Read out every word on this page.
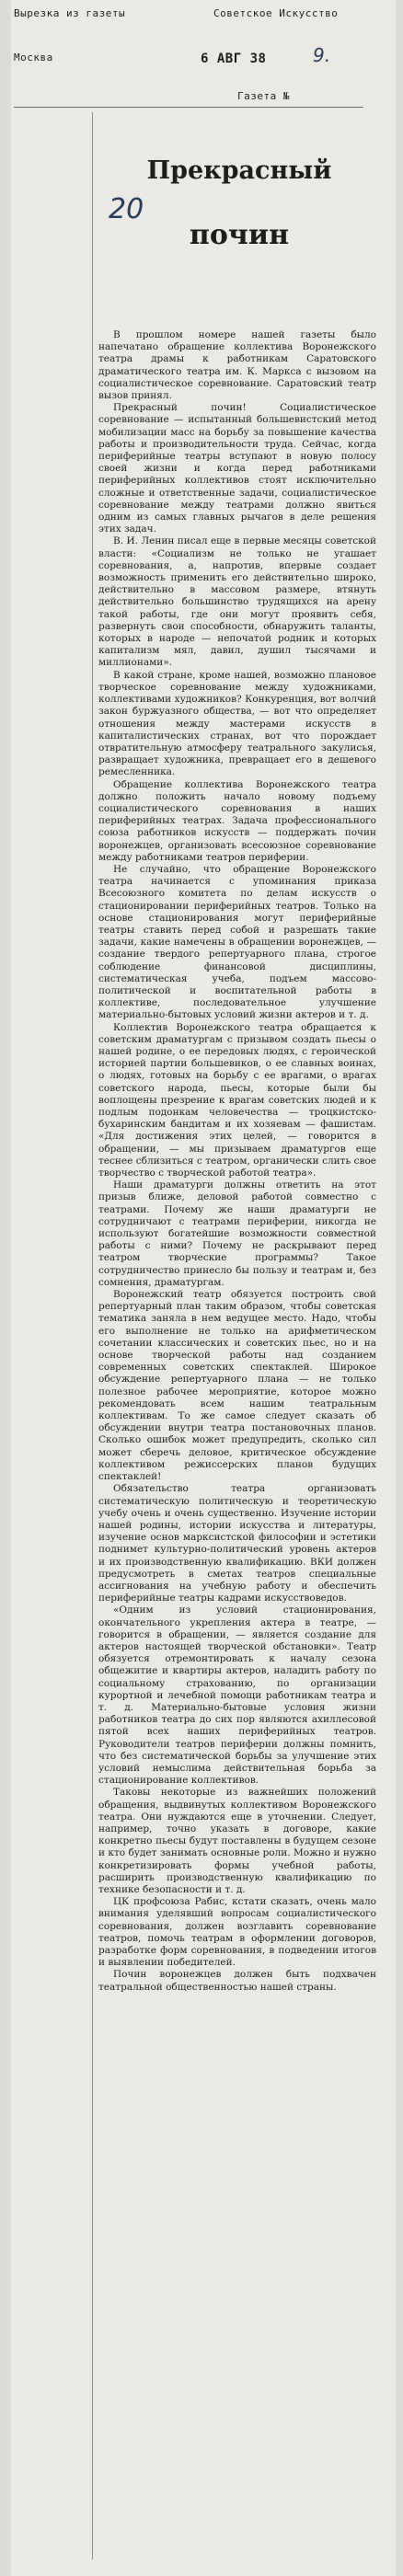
Вырезка из газеты	Советское Искусство
Москва	6 АВГ 38	9.
Газета №
Прекрасный
почин
20

В прошлом номере нашей газеты было напечатано обращение коллектива Воронежского театра драмы к работникам Саратовского драматического театра им. К. Маркса с вызовом на социалистическое соревнование. Саратовский театр вызов принял.

Прекрасный почин! Социалистическое соревнование — испытанный большевистский метод мобилизации масс на борьбу за повышение качества работы и производительности труда. Сейчас, когда периферийные театры вступают в новую полосу своей жизни и когда перед работниками периферийных коллективов стоят исключительно сложные и ответственные задачи, социалистическое соревнование между театрами должно явиться одним из самых главных рычагов в деле решения этих задач.

В. И. Ленин писал еще в первые месяцы советской власти: «Социализм не только не угашает соревнования, а, напротив, впервые создает возможность применить его действительно широко, действительно в массовом размере, втянуть действительно большинство трудящихся на арену такой работы, где они могут проявить себя, развернуть свои способности, обнаружить таланты, которых в народе — непочатой родник и которых капитализм мял, давил, душил тысячами и миллионами».

В какой стране, кроме нашей, возможно плановое творческое соревнование между художниками, коллективами художников? Конкуренция, вот волчий закон буржуазного общества, — вот что определяет отношения между мастерами искусств в капиталистических странах, вот что порождает отвратительную атмосферу театрального закулисья, развращает художника, превращает его в дешевого ремесленника.

Обращение коллектива Воронежского театра должно положить начало новому подъему социалистического соревнования в наших периферийных театрах. Задача профессионального союза работников искусств — поддержать почин воронежцев, организовать всесоюзное соревнование между работниками театров периферии.

Не случайно, что обращение Воронежского театра начинается с упоминания приказа Всесоюзного комитета по делам искусств о стационировании периферийных театров. Только на основе стационирования могут периферийные театры ставить перед собой и разрешать такие задачи, какие намечены в обращении воронежцев, — создание твердого репертуарного плана, строгое соблюдение финансовой дисциплины, систематическая учеба, подъем массово-политической и воспитательной работы в коллективе, последовательное улучшение материально-бытовых условий жизни актеров и т. д.

Коллектив Воронежского театра обращается к советским драматургам с призывом создать пьесы о нашей родине, о ее передовых людях, с героической историей партии большевиков, о ее славных воинах, о людях, готовых на борьбу с ее врагами, о врагах советского народа, пьесы, которые были бы воплощены презрение к врагам советских людей и к подлым подонкам человечества — троцкистско-бухаринским бандитам и их хозяевам — фашистам. «Для достижения этих целей, — говорится в обращении, — мы призываем драматургов еще теснее сблизиться с театром, органически слить свое творчество с творческой работой театра».

Наши драматурги должны ответить на этот призыв ближе, деловой работой совместно с театрами. Почему же наши драматурги не сотрудничают с театрами периферии, никогда не используют богатейшие возможности совместной работы с ними? Почему не раскрывают перед театром творческие программы? Такое сотрудничество принесло бы пользу и театрам и, без сомнения, драматургам.

Воронежский театр обязуется построить свой репертуарный план таким образом, чтобы советская тематика заняла в нем ведущее место. Надо, чтобы его выполнение не только на арифметическом сочетании классических и советских пьес, но и на основе творческой работы над созданием современных советских спектаклей. Широкое обсуждение репертуарного плана — не только полезное рабочее мероприятие, которое можно рекомендовать всем нашим театральным коллективам. То же самое следует сказать об обсуждении внутри театра постановочных планов. Сколько ошибок может предупредить, сколько сил может сберечь деловое, критическое обсуждение коллективом режиссерских планов будущих спектаклей!

Обязательство театра организовать систематическую политическую и теоретическую учебу очень и очень существенно. Изучение истории нашей родины, истории искусства и литературы, изучение основ марксистской философии и эстетики поднимет культурно-политический уровень актеров и их производственную квалификацию. ВКИ должен предусмотреть в сметах театров специальные ассигнования на учебную работу и обеспечить периферийные театры кадрами искусствоведов.

«Одним из условий стационирования, окончательного укрепления актера в театре, — говорится в обращении, — является создание для актеров настоящей творческой обстановки». Театр обязуется отремонтировать к началу сезона общежитие и квартиры актеров, наладить работу по социальному страхованию, по организации курортной и лечебной помощи работникам театра и т. д. Материально-бытовые условия жизни работников театра до сих пор являются ахиллесовой пятой всех наших периферийных театров. Руководители театров периферии должны помнить, что без систематической борьбы за улучшение этих условий немыслима действительная борьба за стационирование коллективов.

Таковы некоторые из важнейших положений обращения, выдвинутых коллективом Воронежского театра. Они нуждаются еще в уточнении. Следует, например, точно указать в договоре, какие конкретно пьесы будут поставлены в будущем сезоне и кто будет занимать основные роли. Можно и нужно конкретизировать формы учебной работы, расширить производственную квалификацию по технике безопасности и т. д.

ЦК профсоюза Рабис, кстати сказать, очень мало внимания уделявший вопросам социалистического соревнования, должен возглавить соревнование театров, помочь театрам в оформлении договоров, разработке форм соревнования, в подведении итогов и выявлении победителей.

Почин воронежцев должен быть подхвачен театральной общественностью нашей страны.
